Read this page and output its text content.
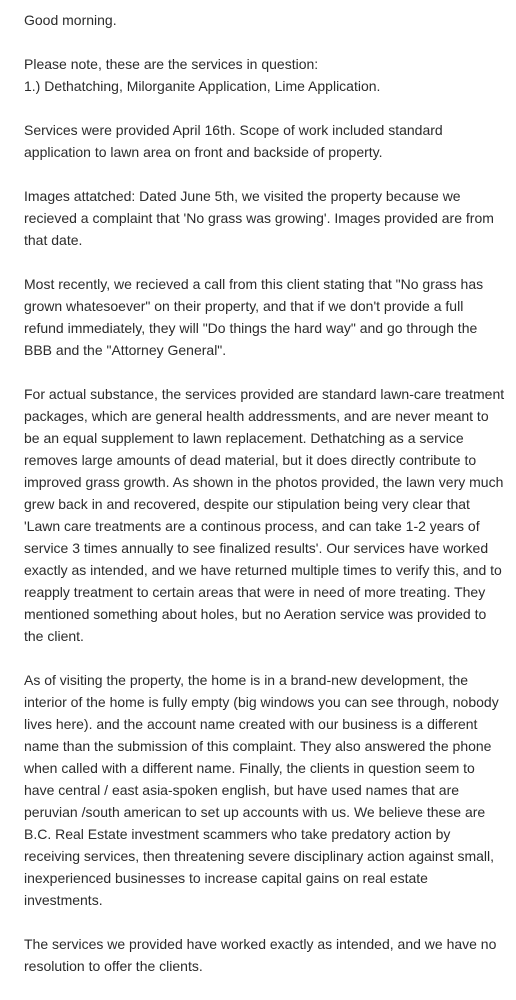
Good morning.

Please note, these are the services in question:
1.) Dethatching, Milorganite Application, Lime Application.

Services were provided April 16th. Scope of work included standard application to lawn area on front and backside of property.

Images attatched: Dated June 5th, we visited the property because we recieved a complaint that 'No grass was growing'. Images provided are from that date.

Most recently, we recieved a call from this client stating that "No grass has grown whatesoever" on their property, and that if we don't provide a full refund immediately, they will "Do things the hard way" and go through the BBB and the "Attorney General".

For actual substance, the services provided are standard lawn-care treatment packages, which are general health addressments, and are never meant to be an equal supplement to lawn replacement. Dethatching as a service removes large amounts of dead material, but it does directly contribute to improved grass growth. As shown in the photos provided, the lawn very much grew back in and recovered, despite our stipulation being very clear that 'Lawn care treatments are a continous process, and can take 1-2 years of service 3 times annually to see finalized results'. Our services have worked exactly as intended, and we have returned multiple times to verify this, and to reapply treatment to certain areas that were in need of more treating. They mentioned something about holes, but no Aeration service was provided to the client.

As of visiting the property, the home is in a brand-new development, the interior of the home is fully empty (big windows you can see through, nobody lives here). and the account name created with our business is a different name than the submission of this complaint. They also answered the phone when called with a different name. Finally, the clients in question seem to have central / east asia-spoken english, but have used names that are peruvian /south american to set up accounts with us. We believe these are B.C. Real Estate investment scammers who take predatory action by receiving services, then threatening severe disciplinary action against small, inexperienced businesses to increase capital gains on real estate investments.

The services we provided have worked exactly as intended, and we have no resolution to offer the clients.
